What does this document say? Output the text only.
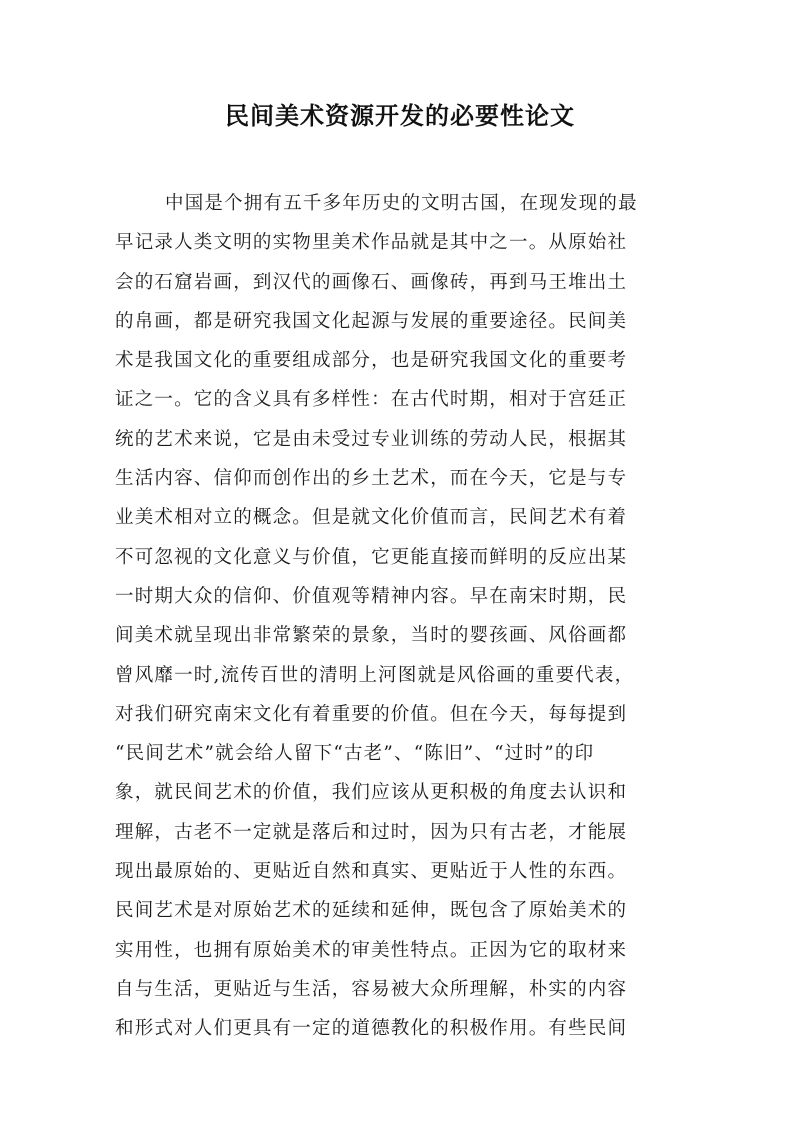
民间美术资源开发的必要性论文
中国是个拥有五千多年历史的文明古国，在现发现的最
早记录人类文明的实物里美术作品就是其中之一。从原始社
会的石窟岩画，到汉代的画像石、画像砖，再到马王堆出土
的帛画，都是研究我国文化起源与发展的重要途径。民间美
术是我国文化的重要组成部分，也是研究我国文化的重要考
证之一。它的含义具有多样性：在古代时期，相对于宫廷正
统的艺术来说，它是由未受过专业训练的劳动人民，根据其
生活内容、信仰而创作出的乡土艺术，而在今天，它是与专
业美术相对立的概念。但是就文化价值而言，民间艺术有着
不可忽视的文化意义与价值，它更能直接而鲜明的反应出某
一时期大众的信仰、价值观等精神内容。早在南宋时期，民
间美术就呈现出非常繁荣的景象，当时的婴孩画、风俗画都
曾风靡一时,流传百世的清明上河图就是风俗画的重要代表，
对我们研究南宋文化有着重要的价值。但在今天，每每提到
“民间艺术”就会给人留下“古老”、“陈旧”、“过时”的印
象，就民间艺术的价值，我们应该从更积极的角度去认识和
理解，古老不一定就是落后和过时，因为只有古老，才能展
现出最原始的、更贴近自然和真实、更贴近于人性的东西。
民间艺术是对原始艺术的延续和延伸，既包含了原始美术的
实用性，也拥有原始美术的审美性特点。正因为它的取材来
自与生活，更贴近与生活，容易被大众所理解，朴实的内容
和形式对人们更具有一定的道德教化的积极作用。有些民间
